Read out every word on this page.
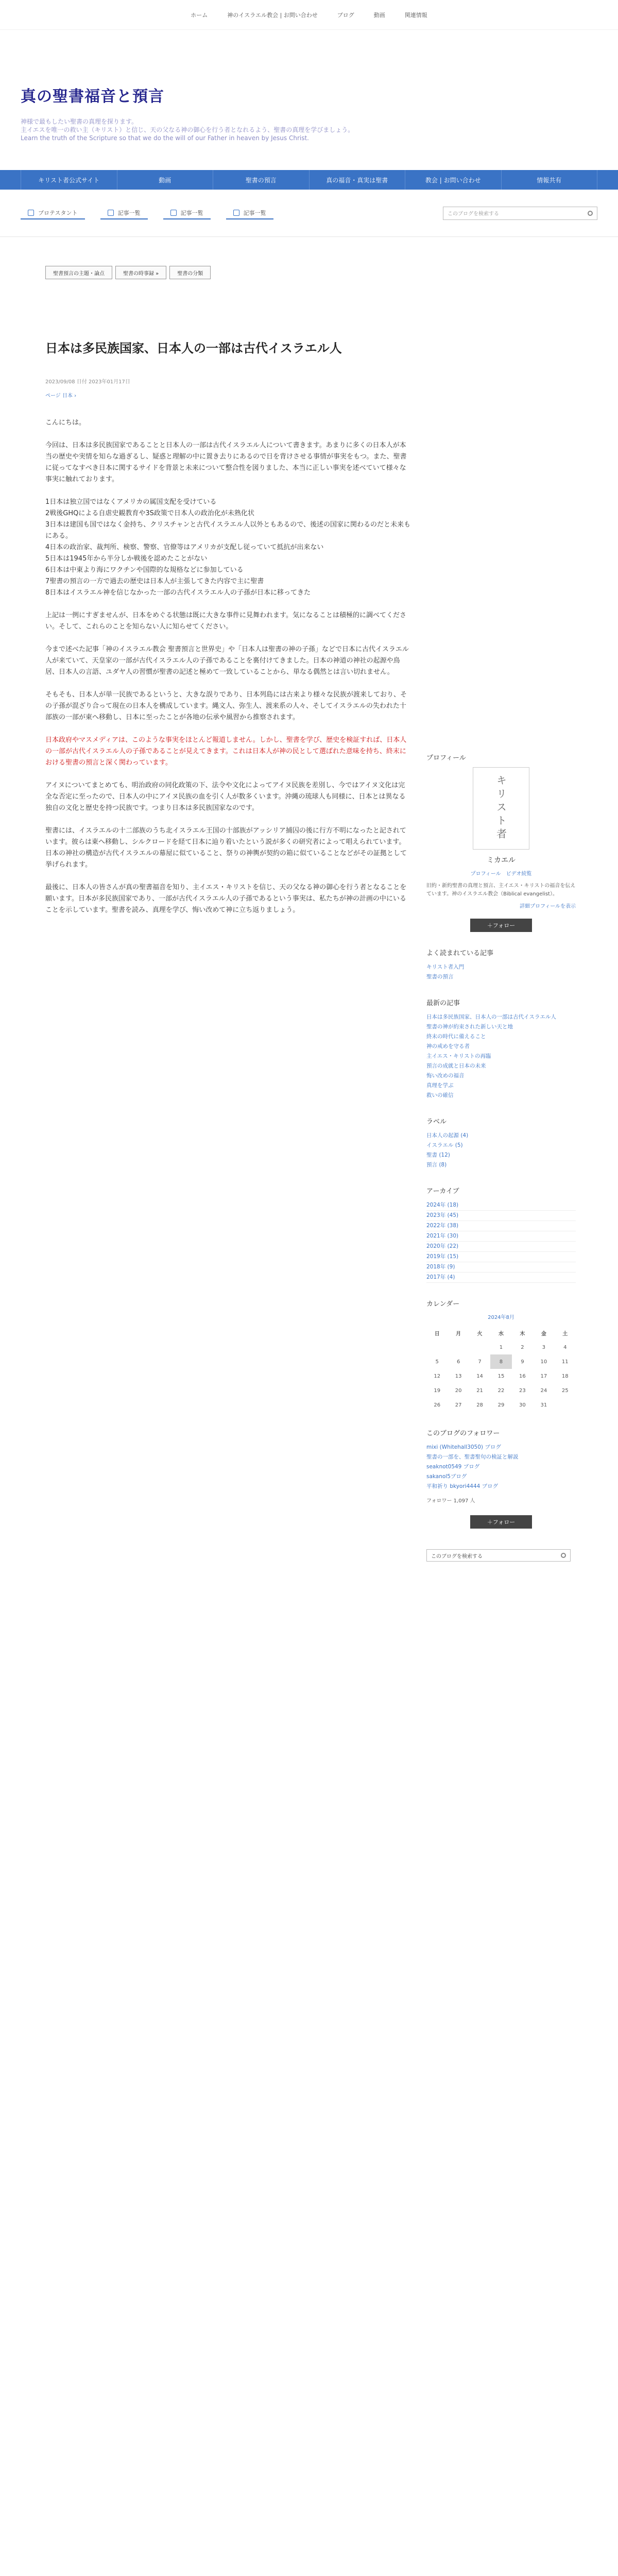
ホーム	神のイスラエル教会 | お問い合わせ	ブログ	動画	関連情報
真の聖書福音と預言
神様で最もしたい聖書の真理を探ります。
主イエスを唯一の救い主（キリスト）と信じ、天の父なる神の御心を行う者となれるよう、聖書の真理を学びましょう。
Learn the truth of the Scripture so that we do the will of our Father in heaven by Jesus Christ.
キリスト者公式サイト	動画	聖書の預言	真の福音・真実は聖書	教会 | お問い合わせ	情報共有
プロテスタント	記事一覧	記事一覧	記事一覧	このブログを検索する
聖書預言の主題・論点	聖書の時事録 »	聖書の分類
日本は多民族国家、日本人の一部は古代イスラエル人
2023/09/08 日付 2023年01月17日
ページ 日本 ›

こんにちは。

今回は、日本は多民族国家であることと日本人の一部は古代イスラエル人について書きます。あまりに多くの日本人が本当の歴史や実情を知らな過ぎるし、疑惑と理解の中に置き去りにあるので日を背けさせる事情が事実をもつ。また、聖書に従ってなすべき日本に関するサイドを背景と未来について整合性を図りました、本当に正しい事実を述べていて様々な事実に触れております。

1日本は独立国ではなくアメリカの属国支配を受けている
2戦後GHQによる自虐史観教育や3S政策で日本人の政治化が未熟化状
3日本は建国も国ではなく金持ち、クリスチャンと古代イスラエル人以外ともあるので、後述の国家に関わるのだと未来もにある。
4日本の政治家、裁判所、検察、警察、官僚等はアメリカが支配し従っていて抵抗が出来ない
5日本は1945年から半分しか戦後を認めたことがない
6日本は中東より海にワクチンや国際的な規格などに参加している
7聖書の預言の一方で過去の歴史は日本人が主張してきた内容で主に聖書
8日本はイスラエル神を信じなかった一部の古代イスラエル人の子孫が日本に移ってきた

上記は一例にすぎませんが、日本をめぐる状態は既に大きな事件に見舞われます。気になることは積極的に調べてください。そして、これらのことを知らない人に知らせてください。

今まで述べた記事「神のイスラエル教会 聖書預言と世界史」や「日本人は聖書の神の子孫」などで日本に古代イスラエル人が来ていて、天皇家の一部が古代イスラエル人の子孫であることを裏付けてきました。日本の神道の神社の起源や鳥居、日本人の言語、ユダヤ人の習慣が聖書の記述と極めて一致していることから、単なる偶然とは言い切れません。

そもそも、日本人が単一民族であるというと、大きな誤りであり、日本列島には古来より様々な民族が渡来しており、その子孫が混ざり合って現在の日本人を構成しています。縄文人、弥生人、渡来系の人々、そしてイスラエルの失われた十部族の一部が東へ移動し、日本に至ったことが各地の伝承や風習から推察されます。

日本政府やマスメディアは、このような事実をほとんど報道しません。しかし、聖書を学び、歴史を検証すれば、日本人の一部が古代イスラエル人の子孫であることが見えてきます。これは日本人が神の民として選ばれた意味を持ち、終末における聖書の預言と深く関わっています。

アイヌについてまとめても、明治政府の同化政策の下、法令や文化によってアイヌ民族を差別し、今ではアイヌ文化は完全な否定に至ったので、日本人の中にアイヌ民族の血を引く人が数多くいます。沖縄の琉球人も同様に、日本とは異なる独自の文化と歴史を持つ民族です。つまり日本は多民族国家なのです。

聖書には、イスラエルの十二部族のうち北イスラエル王国の十部族がアッシリア捕囚の後に行方不明になったと記されています。彼らは東へ移動し、シルクロードを経て日本に辿り着いたという説が多くの研究者によって唱えられています。日本の神社の構造が古代イスラエルの幕屋に似ていること、祭りの神輿が契約の箱に似ていることなどがその証拠として挙げられます。

最後に、日本人の皆さんが真の聖書福音を知り、主イエス・キリストを信じ、天の父なる神の御心を行う者となることを願います。日本が多民族国家であり、一部が古代イスラエル人の子孫であるという事実は、私たちが神の計画の中にいることを示しています。聖書を読み、真理を学び、悔い改めて神に立ち返りましょう。

プロフィール
キリスト者
ミカエル
プロフィール　ビデオ続覧
旧約・新約聖書の真理と預言、主イエス・キリストの福音を伝えています。神のイスラエル教会（Biblical evangelist）。
詳細プロフィールを表示
＋フォロー
よく読まれている記事
キリスト者入門
聖書の預言
最新の記事
日本は多民族国家、日本人の一部は古代イスラエル人
聖書の神が約束された新しい天と地
終末の時代に備えること
神の戒めを守る者
主イエス・キリストの再臨
預言の成就と日本の未来
悔い改めの福音
真理を学ぶ
救いの確信
ラベル
日本人の起源 (4)
イスラエル (5)
聖書 (12)
預言 (8)
アーカイブ
2024年 (18)
2023年 (45)
2022年 (38)
2021年 (30)
2020年 (22)
2019年 (15)
2018年 (9)
2017年 (4)
カレンダー
2024年8月
日	月	火	水	木	金	土
			1	2	3	4
5	6	7	8	9	10	11
12	13	14	15	16	17	18
19	20	21	22	23	24	25
26	27	28	29	30	31	
このブログのフォロワー
mixi (Whitehall3050) ブログ
聖書の一部を、聖書聖句の検証と解説
seaknot0549 ブログ
sakanol5ブログ
平和祈り bkyori4444 ブログ
フォロワー 1,097 人
＋フォロー
このブログを検索する
